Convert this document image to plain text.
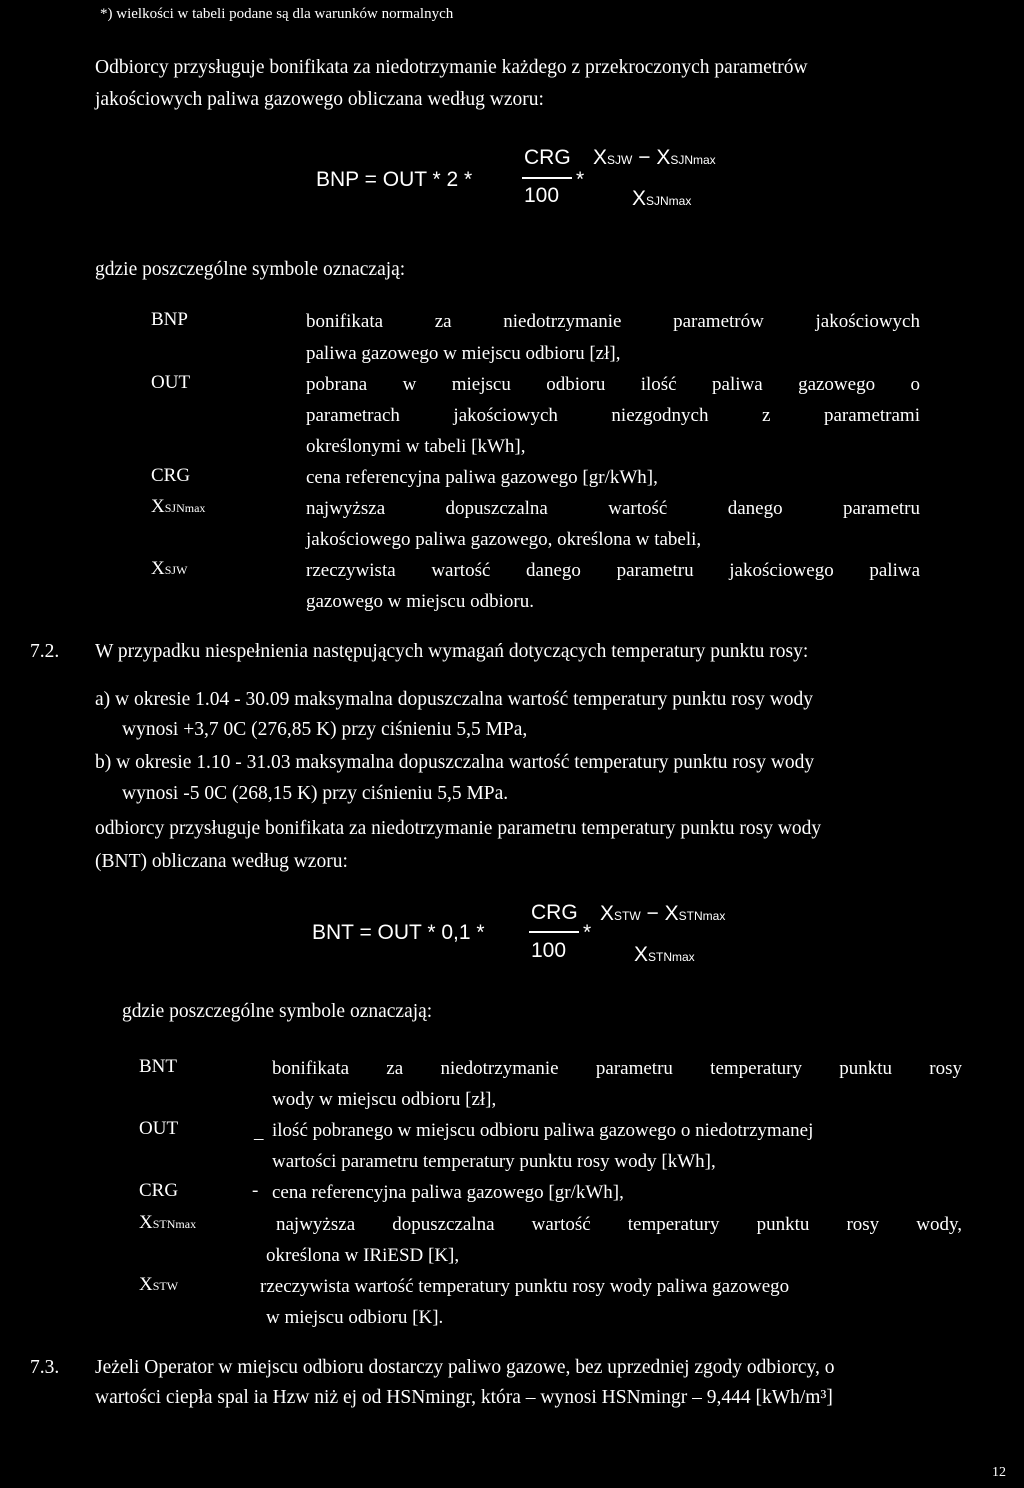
*) wielkości w tabeli podane są dla warunków normalnych
Odbiorcy przysługuje bonifikata za niedotrzymanie każdego z przekroczonych parametrów
jakościowych paliwa gazowego obliczana według wzoru:
BNP = OUT * 2 *
CRG
100
*
XSJW − XSJNmax
XSJNmax
gdzie poszczególne symbole oznaczają:
BNP	bonifikata za niedotrzymanie parametrów jakościowych
paliwa gazowego w miejscu odbioru [zł],
OUT	pobrana w miejscu odbioru ilość paliwa gazowego o
parametrach jakościowych niezgodnych z parametrami
określonymi w tabeli [kWh],
CRG	cena referencyjna paliwa gazowego [gr/kWh],
XSJNmax	najwyższa dopuszczalna wartość danego parametru
jakościowego paliwa gazowego, określona w tabeli,
XSJW	rzeczywista wartość danego parametru jakościowego paliwa
gazowego w miejscu odbioru.
7.2. W przypadku niespełnienia następujących wymagań dotyczących temperatury punktu rosy:
a) w okresie 1.04 - 30.09 maksymalna dopuszczalna wartość temperatury punktu rosy wody
wynosi +3,7 0C (276,85 K) przy ciśnieniu 5,5 MPa,
b) w okresie 1.10 - 31.03 maksymalna dopuszczalna wartość temperatury punktu rosy wody
wynosi -5 0C (268,15 K) przy ciśnieniu 5,5 MPa.
odbiorcy przysługuje bonifikata za niedotrzymanie parametru temperatury punktu rosy wody
(BNT) obliczana według wzoru:
BNT = OUT * 0,1 *
CRG
100
*
XSTW − XSTNmax
XSTNmax
gdzie poszczególne symbole oznaczają:
BNT	bonifikata za niedotrzymanie parametru temperatury punktu rosy
wody w miejscu odbioru [zł],
OUT	– ilość pobranego w miejscu odbioru paliwa gazowego o niedotrzymanej
wartości parametru temperatury punktu rosy wody [kWh],
CRG	- cena referencyjna paliwa gazowego [gr/kWh],
XSTNmax	najwyższa dopuszczalna wartość temperatury punktu rosy wody,
określona w IRiESD [K],
XSTW	rzeczywista wartość temperatury punktu rosy wody paliwa gazowego
w miejscu odbioru [K].
7.3. Jeżeli Operator w miejscu odbioru dostarczy paliwo gazowe, bez uprzedniej zgody odbiorcy, o
wartości ciepła spal ia Hzw niż ej od HSNmingr, która – wynosi HSNmingr – 9,444 [kWh/m³]
12
